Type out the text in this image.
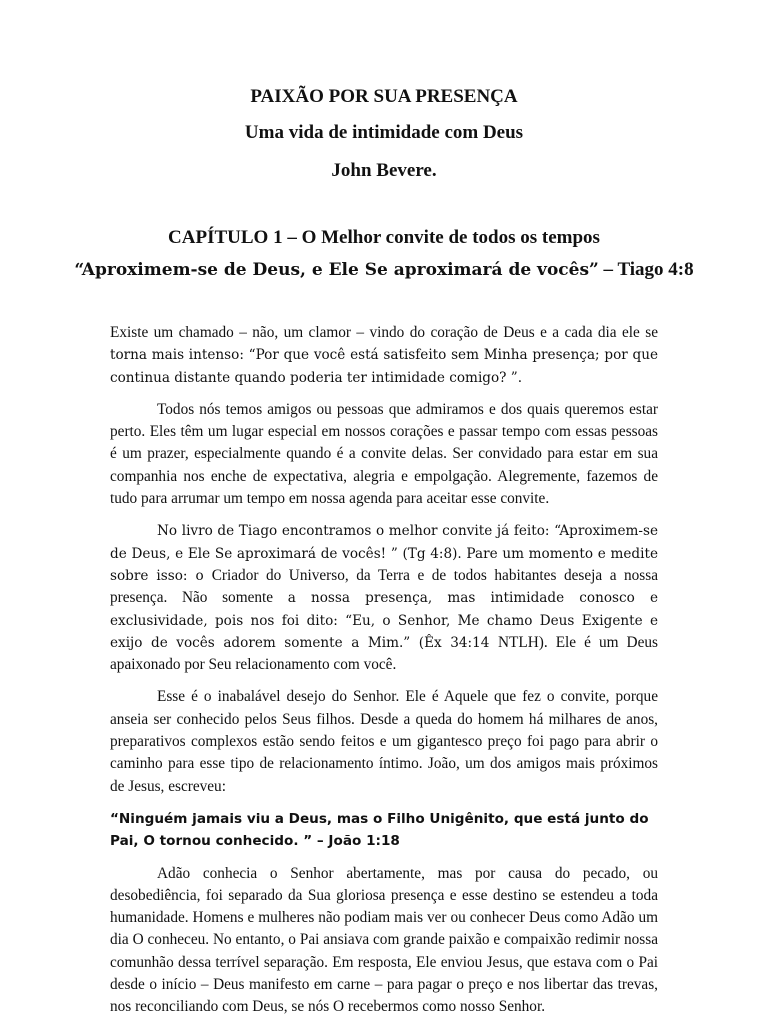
PAIXÃO POR SUA PRESENÇA
Uma vida de intimidade com Deus
John Bevere.
CAPÍTULO 1 – O Melhor convite de todos os tempos
“Aproximem-se de Deus, e Ele Se aproximará de vocês” – Tiago 4:8

Existe um chamado – não, um clamor – vindo do coração de Deus e a cada dia ele se torna mais intenso: “Por que você está satisfeito sem Minha presença; por que continua distante quando poderia ter intimidade comigo? ”.

Todos nós temos amigos ou pessoas que admiramos e dos quais queremos estar perto. Eles têm um lugar especial em nossos corações e passar tempo com essas pessoas é um prazer, especialmente quando é a convite delas. Ser convidado para estar em sua companhia nos enche de expectativa, alegria e empolgação. Alegremente, fazemos de tudo para arrumar um tempo em nossa agenda para aceitar esse convite.

No livro de Tiago encontramos o melhor convite já feito: “Aproximem-se de Deus, e Ele Se aproximará de vocês! ” (Tg 4:8). Pare um momento e medite sobre isso: o Criador do Universo, da Terra e de todos habitantes deseja a nossa presença. Não somente a nossa presença, mas intimidade conosco e exclusividade, pois nos foi dito: “Eu, o Senhor, Me chamo Deus Exigente e exijo de vocês adorem somente a Mim.” (Êx 34:14 NTLH). Ele é um Deus apaixonado por Seu relacionamento com você.

Esse é o inabalável desejo do Senhor. Ele é Aquele que fez o convite, porque anseia ser conhecido pelos Seus filhos. Desde a queda do homem há milhares de anos, preparativos complexos estão sendo feitos e um gigantesco preço foi pago para abrir o caminho para esse tipo de relacionamento íntimo. João, um dos amigos mais próximos de Jesus, escreveu:

“Ninguém jamais viu a Deus, mas o Filho Unigênito, que está junto do Pai, O tornou conhecido. ” – João 1:18

Adão conhecia o Senhor abertamente, mas por causa do pecado, ou desobediência, foi separado da Sua gloriosa presença e esse destino se estendeu a toda humanidade. Homens e mulheres não podiam mais ver ou conhecer Deus como Adão um dia O conheceu. No entanto, o Pai ansiava com grande paixão e compaixão redimir nossa comunhão dessa terrível separação. Em resposta, Ele enviou Jesus, que estava com o Pai desde o início – Deus manifesto em carne – para pagar o preço e nos libertar das trevas, nos reconciliando com Deus, se nós O recebermos como nosso Senhor.
